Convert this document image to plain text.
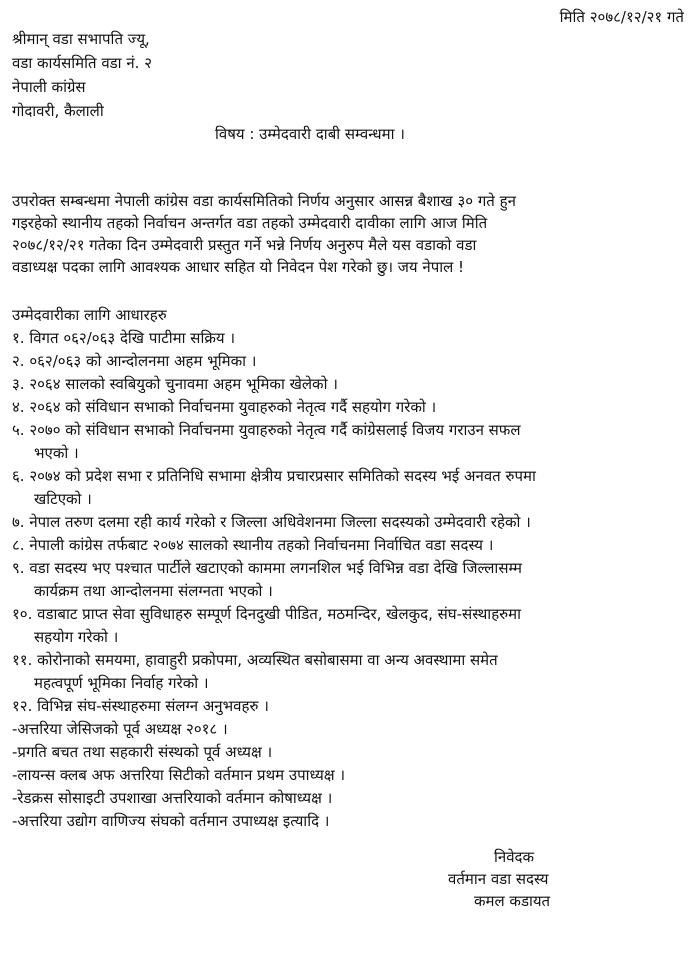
मिति २०७८/१२/२१ गते
श्रीमान् वडा सभापति ज्यू,
वडा कार्यसमिति वडा नं. २
नेपाली कांग्रेस
गोदावरी, कैलाली
विषय : उम्मेदवारी दाबी सम्वन्धमा ।
उपरोक्त सम्बन्धमा नेपाली कांग्रेस वडा कार्यसमितिको निर्णय अनुसार आसन्न बैशाख ३० गते हुन
गइरहेको स्थानीय तहको निर्वाचन अन्तर्गत वडा तहको उम्मेदवारी दावीका लागि आज मिति
२०७८/१२/२१ गतेका दिन उम्मेदवारी प्रस्तुत गर्ने भन्ने निर्णय अनुरुप मैले यस वडाको वडा
वडाध्यक्ष पदका लागि आवश्यक आधार सहित यो निवेदन पेश गरेको छु। जय नेपाल !
उम्मेदवारीका लागि आधारहरु
१. विगत ०६२/०६३ देखि पाटीमा सक्रिय ।
२. ०६२/०६३ को आन्दोलनमा अहम भूमिका ।
३. २०६४ सालको स्वबियुको चुनावमा अहम भूमिका खेलेको ।
४. २०६४ को संविधान सभाको निर्वाचनमा युवाहरुको नेतृत्व गर्दै सहयोग गरेको ।
५. २०७० को संविधान सभाको निर्वाचनमा युवाहरुको नेतृत्व गर्दै कांग्रेसलाई विजय गराउन सफल
भएको ।
६. २०७४ को प्रदेश सभा र प्रतिनिधि सभामा क्षेत्रीय प्रचारप्रसार समितिको सदस्य भई अनवत रुपमा
खटिएको ।
७. नेपाल तरुण दलमा रही कार्य गरेको र जिल्ला अधिवेशनमा जिल्ला सदस्यको उम्मेदवारी रहेको ।
८. नेपाली कांग्रेस तर्फबाट २०७४ सालको स्थानीय तहको निर्वाचनमा निर्वाचित वडा सदस्य ।
९. वडा सदस्य भए पश्चात पार्टीले खटाएको काममा लगनशिल भई विभिन्न वडा देखि जिल्लासम्म
कार्यक्रम तथा आन्दोलनमा संलग्नता भएको ।
१०. वडाबाट प्राप्त सेवा सुविधाहरु सम्पूर्ण दिनदुखी पीडित, मठमन्दिर, खेलकुद, संघ-संस्थाहरुमा
सहयोग गरेको ।
११. कोरोनाको समयमा, हावाहुरी प्रकोपमा, अव्यस्थित बसोबासमा वा अन्य अवस्थामा समेत
महत्वपूर्ण भूमिका निर्वाह गरेको ।
१२. विभिन्न संघ-संस्थाहरुमा संलग्न अनुभवहरु ।
-अत्तरिया जेसिजको पूर्व अध्यक्ष २०१८ ।
-प्रगति बचत तथा सहकारी संस्थको पूर्व अध्यक्ष ।
-लायन्स क्लब अफ अत्तरिया सिटीको वर्तमान प्रथम उपाध्यक्ष ।
-रेडक्रस सोसाइटी उपशाखा अत्तरियाको वर्तमान कोषाध्यक्ष ।
-अत्तरिया उद्योग वाणिज्य संघको वर्तमान उपाध्यक्ष इत्यादि ।
निवेदक
वर्तमान वडा सदस्य
कमल कडायत
